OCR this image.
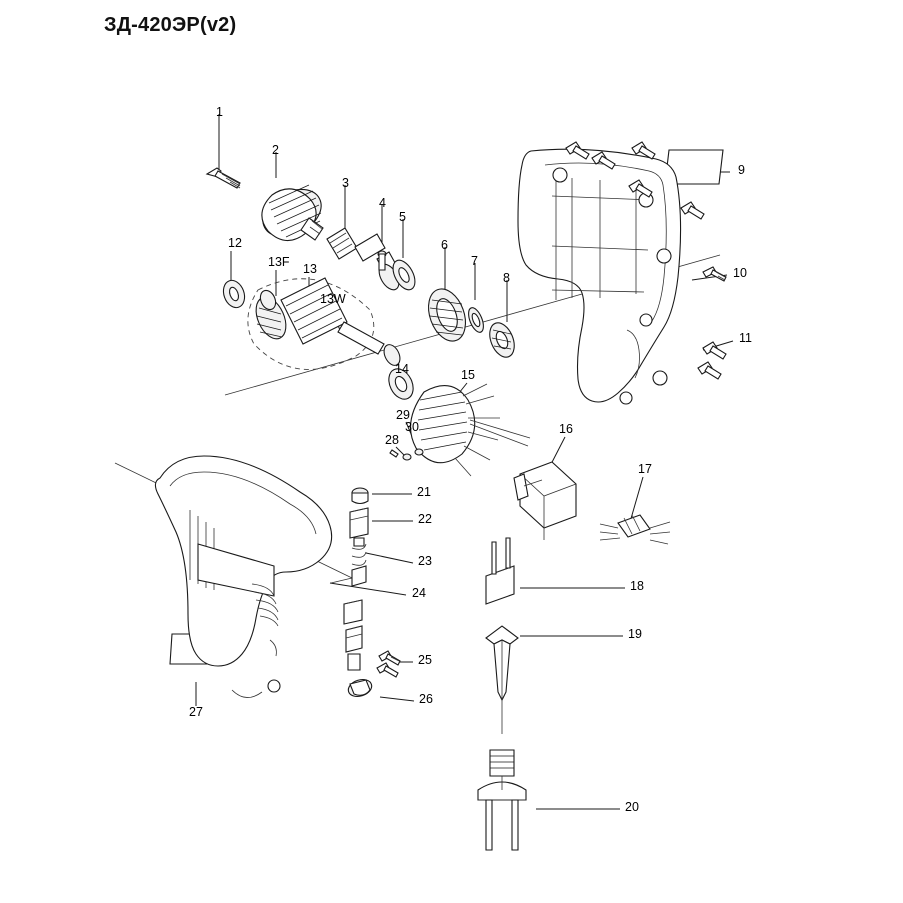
ЗД-420ЭР(v2)
1
2
3
4
5
6
7
8
9
10
11
12
13
13F
13W
14	15
16
17
18
19
20
21
22
23
24
25
26
27
28
29
30
